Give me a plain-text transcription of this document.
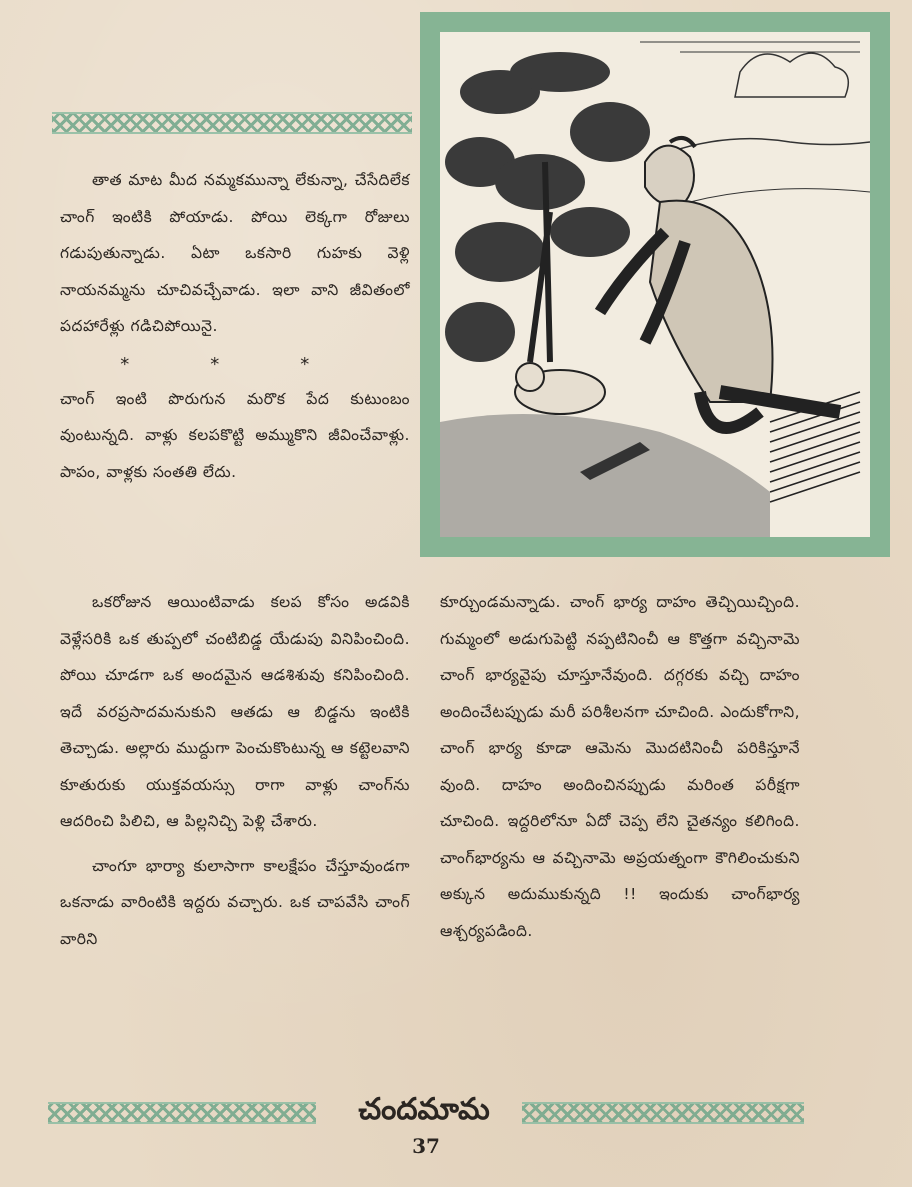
తాత మాట మీద నమ్మకమున్నా లేకున్నా, చేసేదిలేక చాంగ్ ఇంటికి పోయాడు. పోయి లెక్కగా రోజులు గడుపుతున్నాడు. ఏటా ఒకసారి గుహకు వెళ్లి నాయనమ్మను చూచివచ్చేవాడు. ఇలా వాని జీవితంలో పదహారేళ్లు గడిచిపోయినై.

*	*	*

చాంగ్ ఇంటి పొరుగున మరొక పేద కుటుంబం వుంటున్నది. వాళ్లు కలపకొట్టి అమ్ముకొని జీవించేవాళ్లు. పాపం, వాళ్లకు సంతతి లేదు.

ఒకరోజున ఆయింటివాడు కలప కోసం అడవికి వెళ్లేసరికి ఒక తుప్పలో చంటిబిడ్డ యేడుపు వినిపించింది. పోయి చూడగా ఒక అందమైన ఆడశిశువు కనిపించింది. ఇదే వరప్రసాదమనుకుని ఆతడు ఆ బిడ్డను ఇంటికి తెచ్చాడు. అల్లారు ముద్దుగా పెంచుకొంటున్న ఆ కట్టెలవాని కూతురుకు యుక్తవయస్సు రాగా వాళ్లు చాంగ్‌ను ఆదరించి పిలిచి, ఆ పిల్లనిచ్చి పెళ్లి చేశారు.

చాంగూ భార్యా కులాసాగా కాలక్షేపం చేస్తూవుండగా ఒకనాడు వారింటికి ఇద్దరు వచ్చారు. ఒక చాపవేసి చాంగ్ వారిని

కూర్చుండమన్నాడు. చాంగ్ భార్య దాహం తెచ్చియిచ్చింది. గుమ్మంలో అడుగుపెట్టి నప్పటినించీ ఆ కొత్తగా వచ్చినామె చాంగ్ భార్యవైపు చూస్తూనేవుంది. దగ్గరకు వచ్చి దాహం అందించేటప్పుడు మరీ పరిశీలనగా చూచింది. ఎందుకోగాని, చాంగ్ భార్య కూడా ఆమెను మొదటినించీ పరికిస్తూనే వుంది. దాహం అందించినప్పుడు మరింత పరీక్షగా చూచింది. ఇద్దరిలోనూ ఏదో చెప్ప లేని చైతన్యం కలిగింది. చాంగ్‌భార్యను ఆ వచ్చినామె అప్రయత్నంగా కౌగిలించుకుని అక్కున అదుముకున్నది !! ఇందుకు చాంగ్‌భార్య ఆశ్చర్యపడింది.

చందమామ
37
